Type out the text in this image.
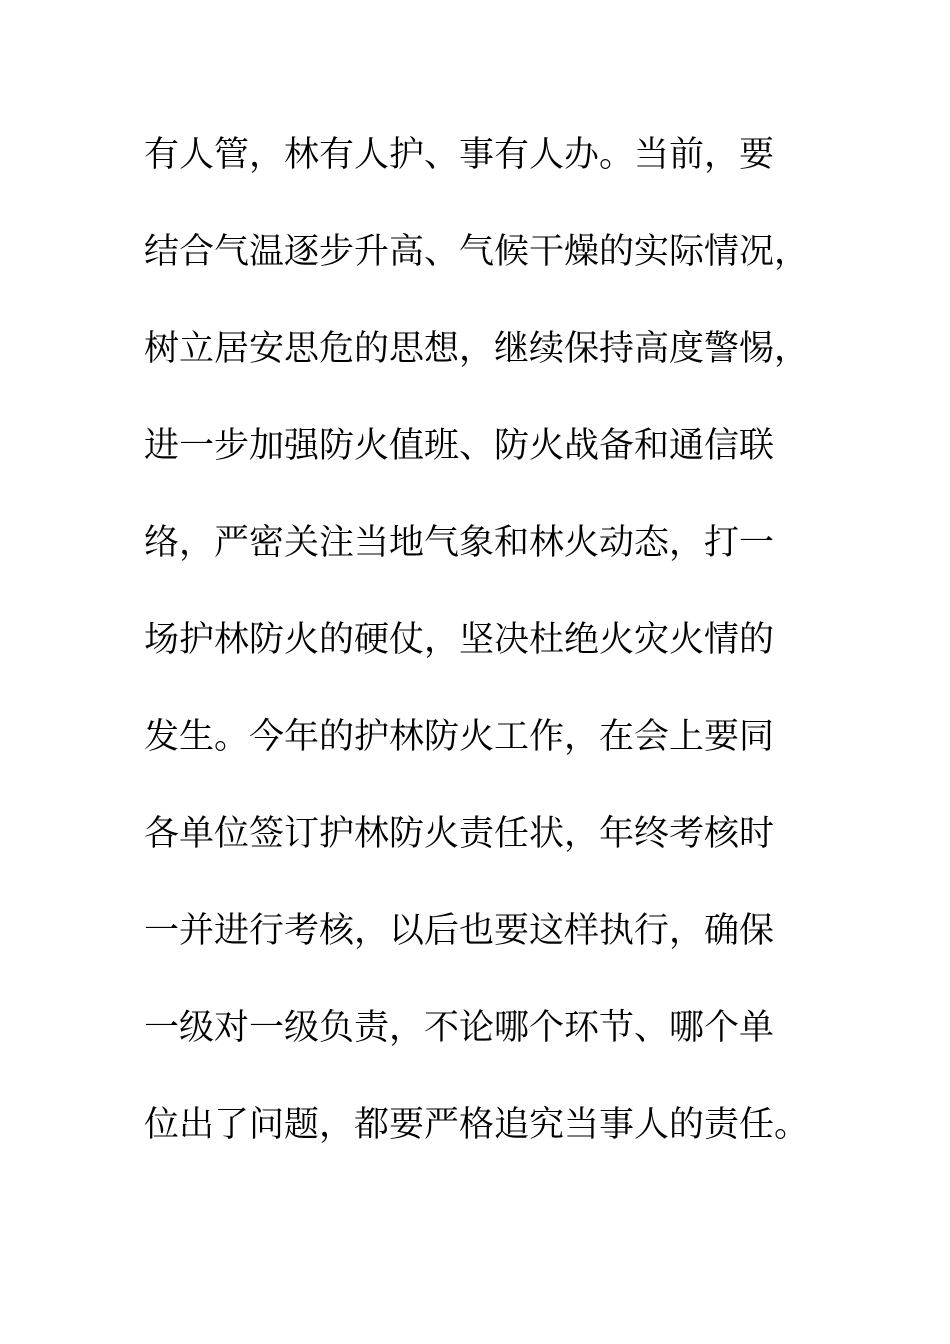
有人管，林有人护、事有人办。当前，要
结合气温逐步升高、气候干燥的实际情况，
树立居安思危的思想，继续保持高度警惕，
进一步加强防火值班、防火战备和通信联
络，严密关注当地气象和林火动态，打一
场护林防火的硬仗，坚决杜绝火灾火情的
发生。今年的护林防火工作，在会上要同
各单位签订护林防火责任状，年终考核时
一并进行考核，以后也要这样执行，确保
一级对一级负责，不论哪个环节、哪个单
位出了问题，都要严格追究当事人的责任。
